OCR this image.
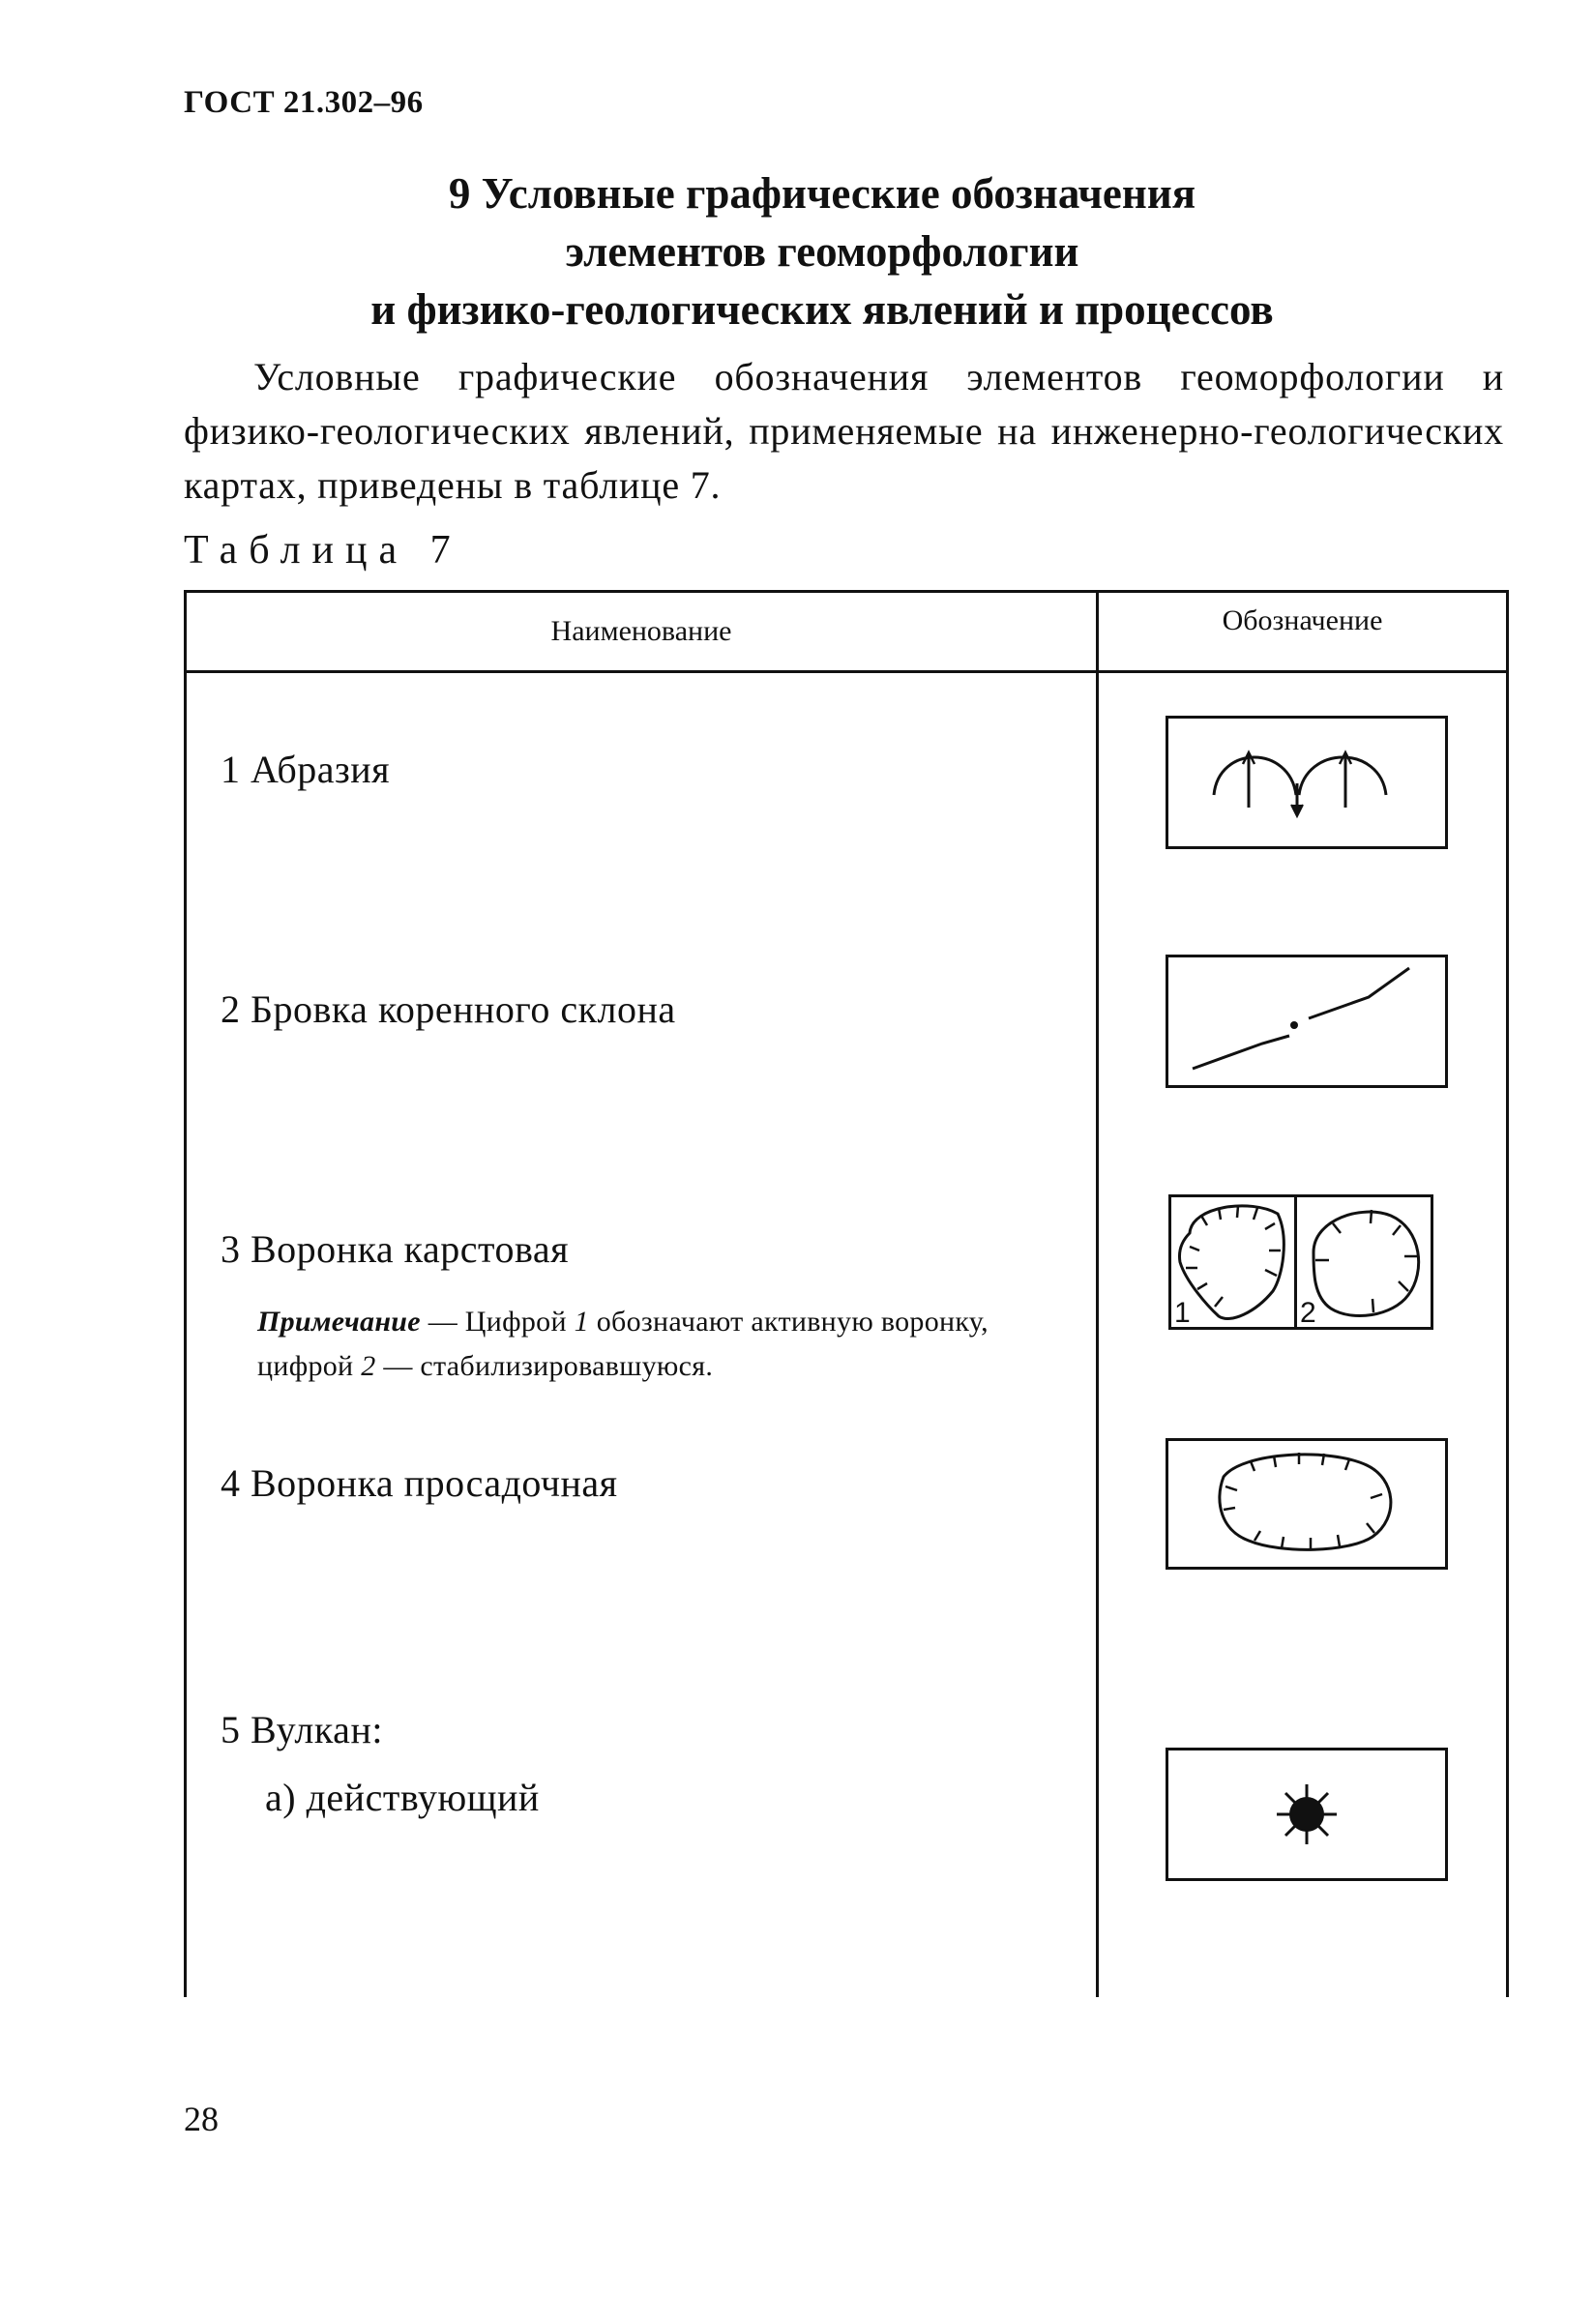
ГОСТ 21.302–96
9 Условные графические обозначения
элементов геоморфологии
и физико-геологических явлений и процессов

Условные графические обозначения элементов геоморфологии и физико-геологических явлений, применяемые на инженерно-геологических картах, приведены в таблице 7.

Таблица 7
Наименование	Обозначение
1 Абразия
2 Бровка коренного склона
3 Воронка карстовая
Примечание — Цифрой 1 обозначают активную воронку, цифрой 2 — стабилизировавшуюся.
1	2
4 Воронка просадочная
5 Вулкан:
а) действующий
28
